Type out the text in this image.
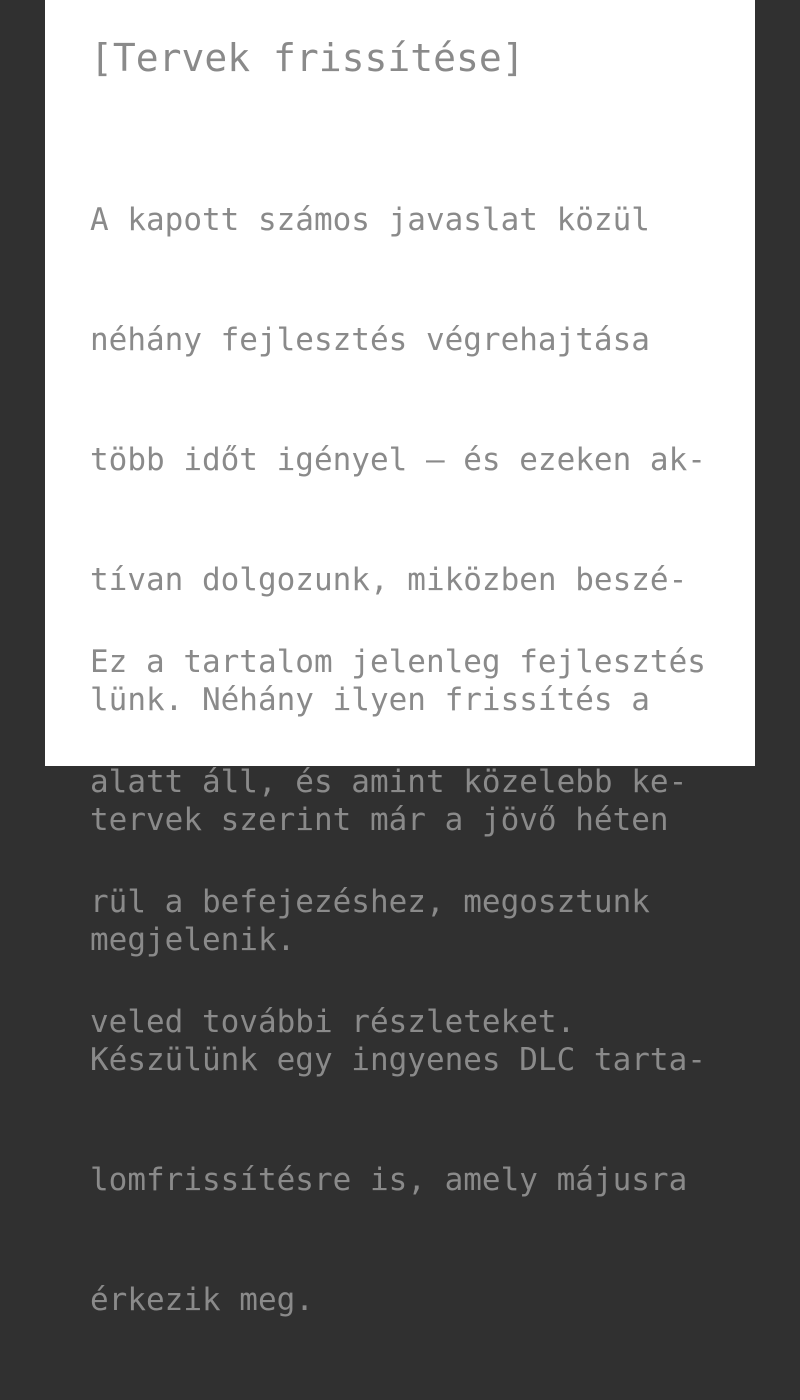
[Tervek frissítése]

A kapott számos javaslat közül

néhány fejlesztés végrehajtása

több időt igényel – és ezeken ak-

tívan dolgozunk, miközben beszé-

lünk. Néhány ilyen frissítés a

tervek szerint már a jövő héten

megjelenik.

Készülünk egy ingyenes DLC tarta-

lomfrissítésre is, amely májusra

érkezik meg.

Ez a tartalom jelenleg fejlesztés

alatt áll, és amint közelebb ke-

rül a befejezéshez, megosztunk

veled további részleteket.
